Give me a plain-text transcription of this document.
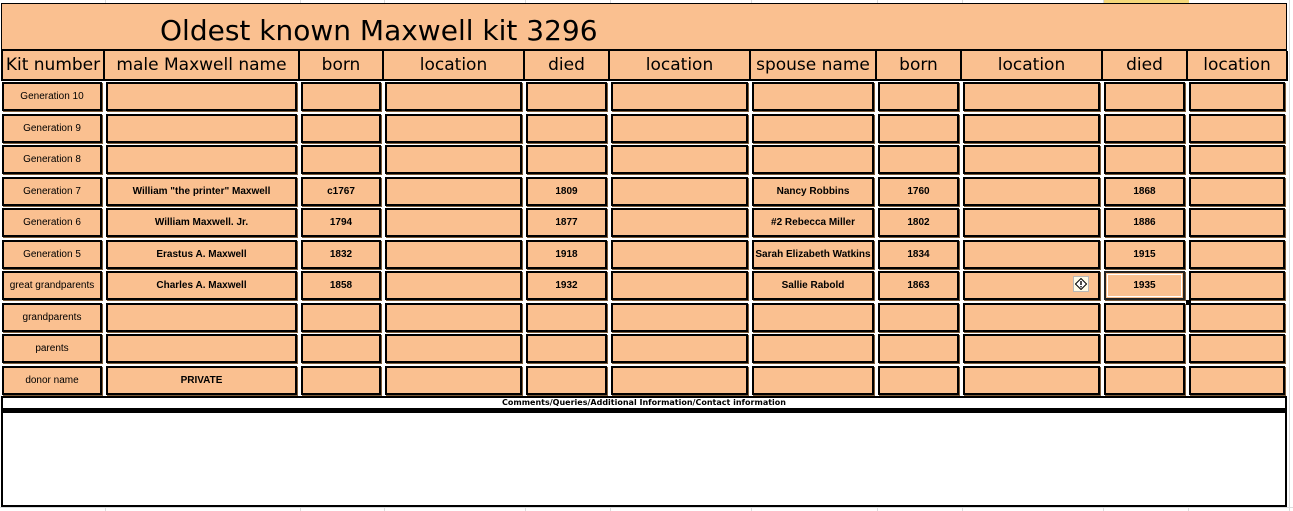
Oldest known Maxwell kit 3296
Kit number	male Maxwell name	born	location	died	location	spouse name	born	location	died	location

Generation 10										

Generation 9										

Generation 8										

Generation 7	William "the printer" Maxwell	c1767		1809		Nancy Robbins	1760		1868	

Generation 6	William Maxwell. Jr.	1794		1877		#2 Rebecca Miller	1802		1886	

Generation 5	Erastus A. Maxwell	1832		1918		Sarah Elizabeth Watkins	1834		1915	

great grandparents	Charles A. Maxwell	1858		1932		Sallie Rabold	1863		1935	

grandparents										

parents										

donor name	PRIVATE									

Comments/Queries/Additional Information/Contact information
